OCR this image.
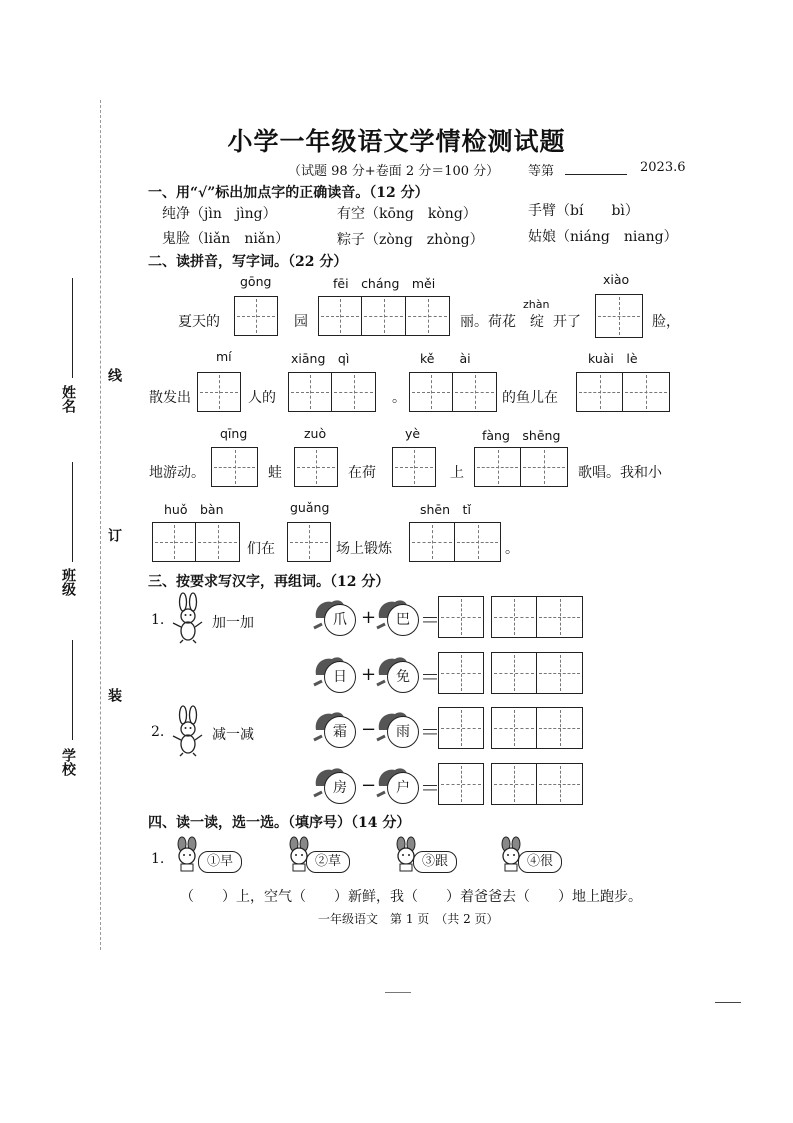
姓名
线
班级
订
装
学校
小学一年级语文学情检测试题
（试题 98 分+卷面 2 分＝100 分） 等第	2023.6
一、用“√”标出加点字的正确读音。（12 分）
纯净（jìn　jìng）	有空（kōng　kòng）	手臂（bí　　bì）
鬼脸（liǎn　niǎn）	粽子（zòng　zhòng）	姑娘（niáng　niang）
二、读拼音，写字词。（22 分）
gōng
夏天的	园
fēi　cháng　měi
丽。荷花
zhàn
绽 开了
xiào
脸，
mí
散发出	人的
xiāng　qì
。
kě　　ài
的鱼儿在
kuài　lè
qīng
地游动。	蛙
zuò
在荷
yè
上
fàng　shēng
歌唱。我和小
huǒ　bàn
们在
guǎng
场上锻炼
shēn　tǐ
。
三、按要求写汉字，再组词。（12 分）
1.	加一加
2.	减一减
爪 +	巴 ＝
日 +	免 ＝
霜 −	雨 ＝
房 −	户 ＝
四、读一读，选一选。（填序号）（14 分）
1.	①早	②草	③跟	④很
（　　）上，空气（　　）新鲜，我（　　）着爸爸去（　　）地上跑步。
一年级语文　第 1 页　（共 2 页）
